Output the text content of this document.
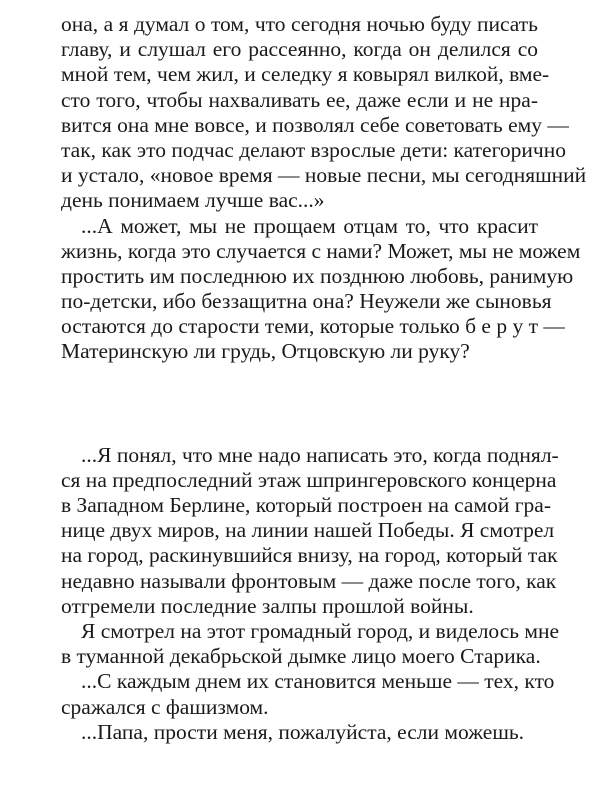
она, а я думал о том, что сегодня ночью буду писать
главу, и слушал его рассеянно, когда он делился со
мной тем, чем жил, и селедку я ковырял вилкой, вме-
сто того, чтобы нахваливать ее, даже если и не нра-
вится она мне вовсе, и позволял себе советовать ему —
так, как это подчас делают взрослые дети: категорично
и устало, «новое время — новые песни, мы сегодняшний
день понимаем лучше вас...»
...А может, мы не прощаем отцам то, что красит
жизнь, когда это случается с нами? Может, мы не можем
простить им последнюю их позднюю любовь, ранимую
по-детски, ибо беззащитна она? Неужели же сыновья
остаются до старости теми, которые только б е р у т —
Материнскую ли грудь, Отцовскую ли руку?
...Я понял, что мне надо написать это, когда поднял-
ся на предпоследний этаж шпрингеровского концерна
в Западном Берлине, который построен на самой гра-
нице двух миров, на линии нашей Победы. Я смотрел
на город, раскинувшийся внизу, на город, который так
недавно называли фронтовым — даже после того, как
отгремели последние залпы прошлой войны.
Я смотрел на этот громадный город, и виделось мне
в туманной декабрьской дымке лицо моего Старика.
...С каждым днем их становится меньше — тех, кто
сражался с фашизмом.
...Папа, прости меня, пожалуйста, если можешь.
